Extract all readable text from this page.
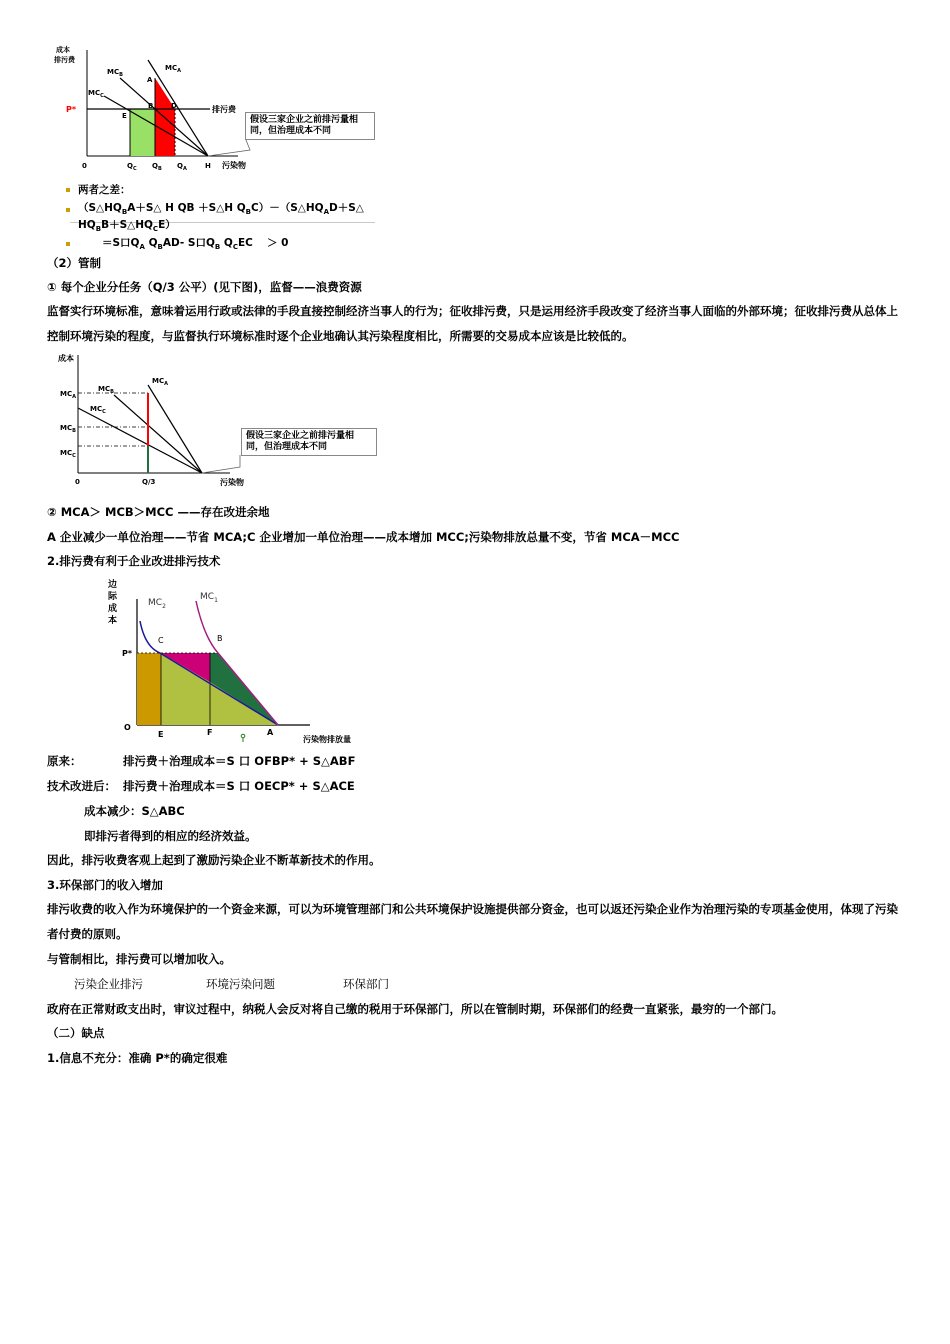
成本
排污费
$MC_A$
$MC_B$
$MC_C$
P*	排污费
A
B	D
E
0	$Q_C$ $Q_B$ $Q_A$	H 污染物
假设三家企业之前排污量相
同，但治理成本不同
两者之差：
（$S\triangle HQ_BA+S\triangle$ H QB ＋S△H $Q_BC)-(S\triangle HQ_AD+S\triangle$
$HQ_BB+S\triangle HQ_CE$）
＝S口$Q_A$ $Q_BAD-$ S口$Q_B$ $Q_CEC$　 ＞ 0
（2）管制
① 每个企业分任务（Q/3 公平）(见下图)，监督——浪费资源
监督实行环境标准，意味着运用行政或法律的手段直接控制经济当事人的行为；征收排污费，只是运用经济手段改变了经济当事人面临的外部环境；征收排污费从总体上控制环境污染的程度，与监督执行环境标准时逐个企业地确认其污染程度相比，所需要的交易成本应该是比较低的。
成本
$MC_A$
$MC_B$
$MC_C$
$MC_A$
$MC_B$
$MC_C$
0	Q/3	污染物
假设三家企业之前排污量相
同，但治理成本不同
② MCA＞ MCB＞MCC ——存在改进余地
A 企业减少一单位治理——节省 MCA;C 企业增加一单位治理——成本增加 MCC;污染物排放总量不变，节省 MCA－MCC
2.排污费有利于企业改进排污技术
边
际
成
本
$MC_2$
$MC_1$
P*
C	B
O
E	F	A
污染物排放量
原来：	排污费＋治理成本＝S 口 OFBP* + S△ABF
技术改进后： 排污费＋治理成本＝S 口 OECP* + S△ACE
成本减少：S△ABC
即排污者得到的相应的经济效益。
因此，排污收费客观上起到了激励污染企业不断革新技术的作用。
3.环保部门的收入增加
排污收费的收入作为环境保护的一个资金来源，可以为环境管理部门和公共环境保护设施提供部分资金，也可以返还污染企业作为治理污染的专项基金使用，体现了污染者付费的原则。
与管制相比，排污费可以增加收入。
污染企业排污	环境污染问题	环保部门
政府在正常财政支出时，审议过程中，纳税人会反对将自己缴的税用于环保部门，所以在管制时期，环保部们的经费一直紧张，最穷的一个部门。
（二）缺点
1.信息不充分：准确 P*的确定很难
